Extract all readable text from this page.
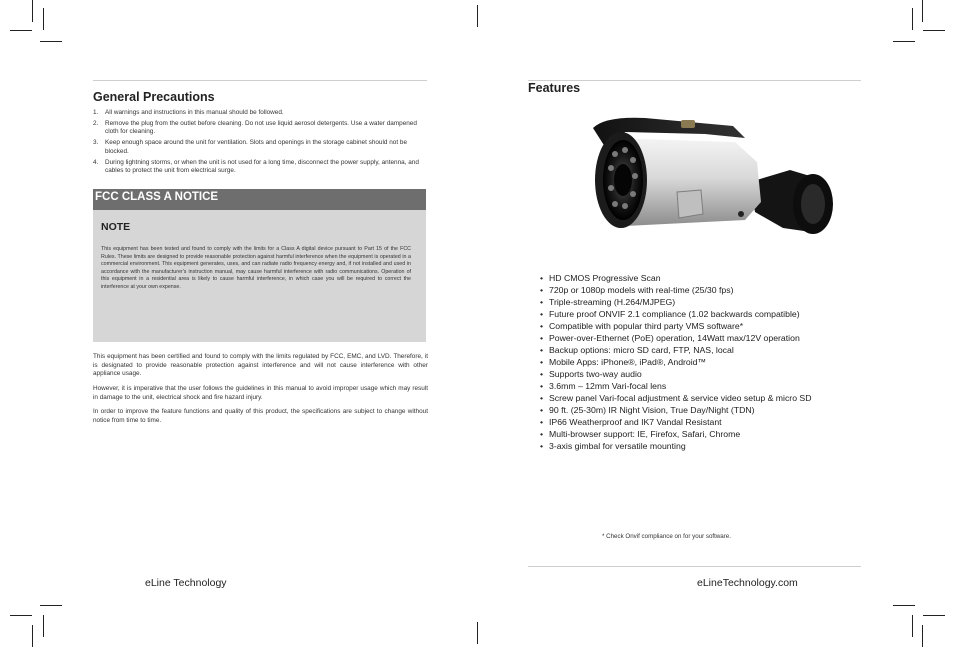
General Precautions
1. All warnings and instructions in this manual should be followed.
2. Remove the plug from the outlet before cleaning. Do not use liquid aerosol detergents. Use a water dampened cloth for cleaning.
3. Keep enough space around the unit for ventilation. Slots and openings in the storage cabinet should not be blocked.
4. During lightning storms, or when the unit is not used for a long time, disconnect the power supply, antenna, and cables to protect the unit from electrical surge.
FCC CLASS A NOTICE
NOTE
This equipment has been tested and found to comply with the limits for a Class A digital device pursuant to Part 15 of the FCC Rules. These limits are designed to provide reasonable protection against harmful interference when the equipment is operated in a commercial environment. This equipment generates, uses, and can radiate radio frequency energy and, if not installed and used in accordance with the manufacturer's instruction manual, may cause harmful interference with radio communications. Operation of this equipment in a residential area is likely to cause harmful interference, in which case you will be required to correct the interference at your own expense.

This equipment has been certified and found to comply with the limits regulated by FCC, EMC, and LVD. Therefore, it is designated to provide reasonable protection against interference and will not cause interference with other appliance usage.

However, it is imperative that the user follows the guidelines in this manual to avoid improper usage which may result in damage to the unit, electrical shock and fire hazard injury.

In order to improve the feature functions and quality of this product, the specifications are subject to change without notice from time to time.

eLine Technology
Features
• HD CMOS Progressive Scan
• 720p or 1080p models with real-time (25/30 fps)
• Triple-streaming (H.264/MJPEG)
• Future proof ONVIF 2.1 compliance (1.02 backwards compatible)
• Compatible with popular third party VMS software*
• Power-over-Ethernet (PoE) operation, 14Watt max/12V operation
• Backup options: micro SD card, FTP, NAS, local
• Mobile Apps: iPhone®, iPad®, Android™
• Supports two-way audio
• 3.6mm – 12mm Vari-focal lens
• Screw panel Vari-focal adjustment & service video setup & micro SD
• 90 ft. (25-30m) IR Night Vision, True Day/Night (TDN)
• IP66 Weatherproof and IK7 Vandal Resistant
• Multi-browser support: IE, Firefox, Safari, Chrome
• 3-axis gimbal for versatile mounting
* Check Onvif compliance on for your software.
eLineTechnology.com
